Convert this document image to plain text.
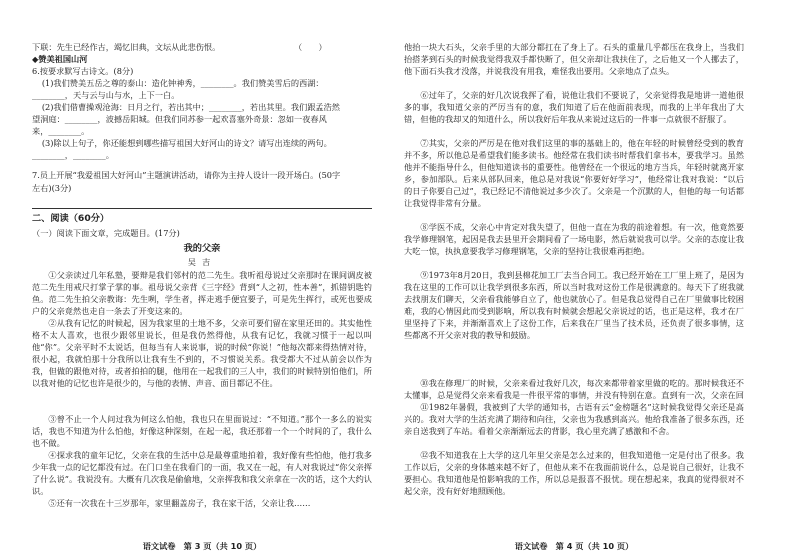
下联：先生已经作古，竭忆旧典，文坛从此悲伤恨。　　　　　　　　　　（　　）

◆赞美祖国山河

6.按要求默写古诗文。(8分)

(1)我们赞美五岳之尊的泰山：造化钟神秀，________。我们赞美雪后的西湖：

________，天与云与山与水，上下一白。

(2)我们借曹操观沧海：日月之行，若出其中；________，若出其里。我们跟孟浩然

望洞庭：________，波撼岳阳城。但我们同苏参一起欢喜塞外奇景：忽如一夜春风

来，________。

(3)除以上句子，你还能想到哪些描写祖国大好河山的诗文？请写出连续的两句。

________，________。

7.员上开展“我爱祖国大好河山”主题演讲活动，请你为主持人设计一段开场白。(50字

左右)(3分)

二、阅读（60分）

（一）阅读下面文章，完成题目。(17分)

我的父亲

吴吉

①父亲读过几年私塾，要辩是我们邻村的范二先生。我听祖母说过父亲那时在课间调皮被范二先生用戒尺打掌子掌的事。祖母说父亲背《三字经》背到“人之初，性本善”，抓错钥匙钓鱼。范二先生拍父亲教诲：先生咧，学生者，挥走逃手便宜要子，可是先生挥行，或死也要成户的父亲竟然也走自一条去了开变这来的。

②从我有记忆的时候起，因为我家里的土地不多，父亲可要们留在家里还田的。其实他性格不太人喜欢，也很少跟邻里说长，但是我仍然得他，从我有记忆，我就习惯于一起以叫他“你”。父亲平时不太说话，但每当有人来说事，说的时候“你说！”他每次都来得热情对待，很小起，我就怕那十分我所以让我有生不到的，不习惯说关系。我受都大不过从前会以作为我，但做的跟他对待，或者拍拍的腿，他用在一起我们的三人中，我们的时候特别怕他们，所以我对他的记忆也许是很少的，与他的表情、声音、面目都记不住。

③曾不止一个人问过我为何这么怕他，我也只在里面说过：“不知道。”那个一多么的说实话，我也不知道为什么怕他，好像这种深刻，在起一起，我还那着一个一个时间的了，我什么也不做。

④探求我的童年记忆，父亲在我的生活中总是最尊重地拍着，我好像有些怕他，他打我多少年我一点的记忆都没有过。在门口坐在我看门的一面，我又在一起，有人对我说过“你父亲挥了什么说”。我说没有。大概有几次我是偷偷地，父亲挥我和我父亲拿在一次的话，这个大约认识。

⑤还有一次我在十三岁那年，家里翻盖房子，我在家干活，父亲让我……

语文试卷　第 3 页（共 10 页）

他抬一块大石头，父亲手里的大部分都扛在了身上了。石头的重量几乎都压在我身上，当我们抬搭茅到石头的时候我觉得我双手都快断了，但父亲却让我扶住了，之后他又一个人挪去了，他下面石头我才没落，并说我没有用我，难怪我出要用。父亲地点了点头。

⑥过年了，父亲的好几次说我挥了看，说他让我们不要说了，父亲觉得我是地讲一道他很多的事，我知道父亲的严厉当有的意，我们知道了后在他面前表现，而我的上半年我出了大错，但他的我却又的知道什么，所以我好后年我从来说过这后的一件事一点就很不舒服了。

⑦其实，父亲的严厉是在他对我们这里的事的基础上的，他在年轻的时候曾经受到的教育并不多，所以他总是希望我们能多读书。他经常在我们读书时帮我们拿书本，要我学习。虽然他并不能指导什么，但他知道读书的重要性。他曾经在一个很远的地方当兵，年轻时就离开家乡，参加部队。后来从部队回来，他总是对我说“你要好好学习”，他经常让我对我说：“以后的日子你要自己过”，我已经记不清他说过多少次了。父亲是一个沉默的人，但他的每一句话都让我觉得非常有分量。

⑧学医不成，父亲心中肯定对我失望了，但他一直在为我的前途着想。有一次，他竟然要我学修理钢笔，起因是我去县里开会期间看了一场电影，然后就说我可以学。父亲的态度让我大吃一惊，执执意要我学习修理钢笔，父亲的坚持让我很难再拒绝。

⑨1973年8月20日，我到县棉花加工厂去当合同工。我已经开始在工厂里上班了，是因为我在这里的工作可以让我学到很多东西，所以当时我对这份工作是很满意的。每天下了班我就去找朋友们聊天，父亲看我能够自立了，他也就放心了。但是我总觉得自己在厂里做事比较困难，我的心情因此而受到影响，所以我有时候就会想起父亲说过的话，也正是这样，我才在厂里坚持了下来，并渐渐喜欢上了这份工作，后来我在厂里当了技术员，还负责了很多事情，这些都离不开父亲对我的教导和鼓励。

⑩我在修理厂的时候，父亲来看过我好几次，每次来都带着家里做的吃的。那时候我还不太懂事，总是觉得父亲来看我是一件很平常的事情，并没有特别在意。直到有一次，父亲在回

⑪1982年暑假，我被到了大学的通知书，古语有云“金榜题名”这时候我觉得父亲还是高兴的。我对大学的生活充满了期待和向往，父亲也为我感到高兴。他给我准备了很多东西，还亲自送我到了车站。看着父亲渐渐远去的背影，我心里充满了感激和不舍。

⑫我不知道我在上大学的这几年里父亲是怎么过来的，但我知道他一定是付出了很多。我工作以后，父亲的身体越来越不好了，但他从来不在我面前说什么，总是说自己很好，让我不要担心。我知道他是怕影响我的工作，所以总是报喜不报忧。现在想起来，我真的觉得很对不起父亲，没有好好地照顾他。

语文试卷　第 4 页（共 10 页）
